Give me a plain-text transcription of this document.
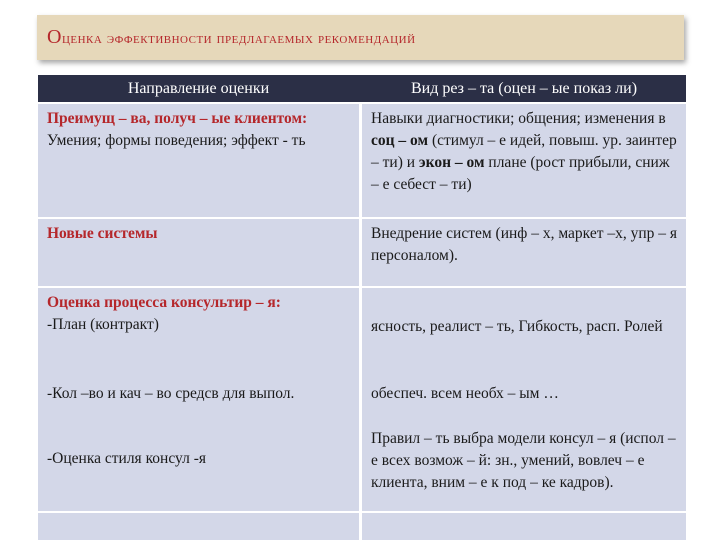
Оценка эффективности предлагаемых рекомендаций
Направление оценки	Вид рез – та (оцен – ые показ ли)

Преимущ – ва, получ – ые клиентом:

Умения; формы поведения; эффект - ть

Навыки диагностики; общения; изменения в соц – ом (стимул – е идей, повыш. ур. заинтер – ти) и экон – ом плане (рост прибыли, сниж – е себест – ти)

Новые системы	Внедрение систем (инф – х, маркет –х, упр – я персоналом).

Оценка процесса консультир – я:

-План (контракт)

-Кол –во и кач – во средсв для выпол.

-Оценка стиля консул -я

ясность, реалист – ть, Гибкость, расп. Ролей

обеспеч. всем необх – ым …

Правил – ть выбра модели консул – я (испол – е всех возмож – й: зн., умений, вовлеч – е клиента, вним – е к под – ке кадров).
